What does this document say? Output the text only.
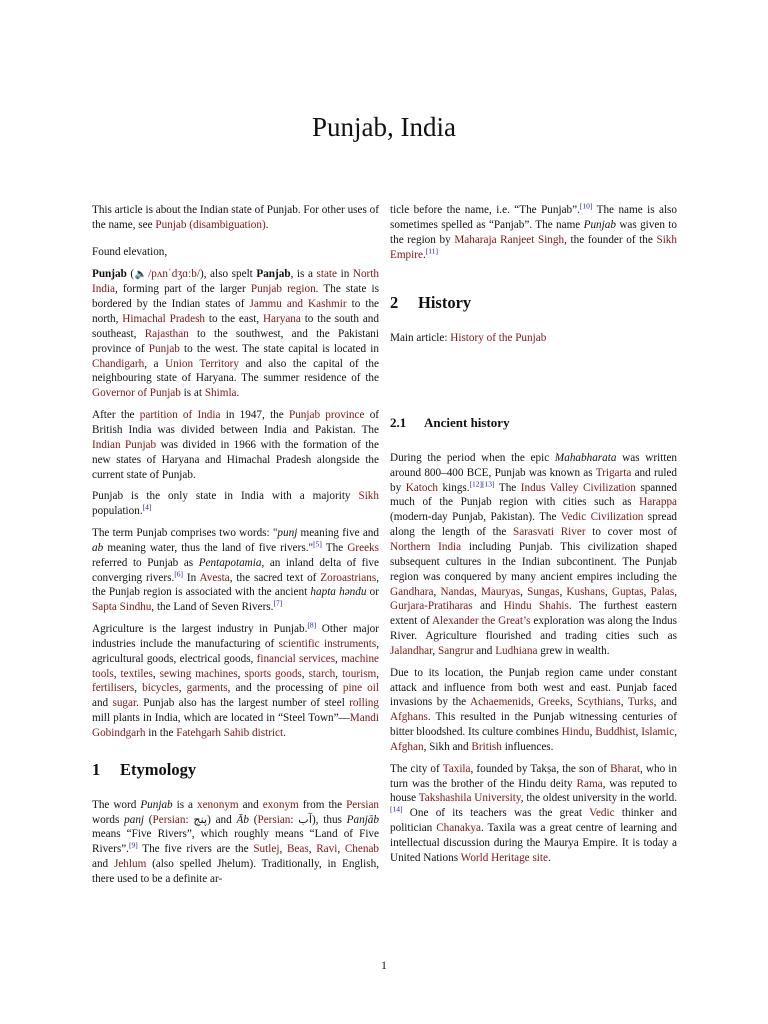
Punjab, India

This article is about the Indian state of Punjab. For other uses of the name, see Punjab (disambiguation).

Found elevation,

Punjab (🔈/pʌnˈdʒɑːb/), also spelt Panjab, is a state in North India, forming part of the larger Punjab region. The state is bordered by the Indian states of Jammu and Kashmir to the north, Himachal Pradesh to the east, Haryana to the south and southeast, Rajasthan to the southwest, and the Pakistani province of Punjab to the west. The state capital is located in Chandigarh, a Union Territory and also the capital of the neighbouring state of Haryana. The summer residence of the Governor of Punjab is at Shimla.

After the partition of India in 1947, the Punjab province of British India was divided between India and Pakistan. The Indian Punjab was divided in 1966 with the formation of the new states of Haryana and Himachal Pradesh alongside the current state of Punjab.

Punjab is the only state in India with a majority Sikh population.[4]

The term Punjab comprises two words: "punj meaning five and ab meaning water, thus the land of five rivers."[5] The Greeks referred to Punjab as Pentapotamia, an inland delta of five converging rivers.[6] In Avesta, the sacred text of Zoroastrians, the Punjab region is associated with the ancient hapta həndu or Sapta Sindhu, the Land of Seven Rivers.[7]

Agriculture is the largest industry in Punjab.[8] Other major industries include the manufacturing of scientific instruments, agricultural goods, electrical goods, financial services, machine tools, textiles, sewing machines, sports goods, starch, tourism, fertilisers, bicycles, garments, and the processing of pine oil and sugar. Punjab also has the largest number of steel rolling mill plants in India, which are located in “Steel Town”—Mandi Gobindgarh in the Fatehgarh Sahib district.

1 Etymology

The word Punjab is a xenonym and exonym from the Persian words panj (Persian: پنج) and Āb (Persian: آب), thus Panjāb means “Five Rivers”, which roughly means “Land of Five Rivers”.[9] The five rivers are the Sutlej, Beas, Ravi, Chenab and Jehlum (also spelled Jhelum). Traditionally, in English, there used to be a definite ar-

ticle before the name, i.e. “The Punjab”.[10] The name is also sometimes spelled as “Panjab”. The name Punjab was given to the region by Maharaja Ranjeet Singh, the founder of the Sikh Empire.[11]

2 History

Main article: History of the Punjab

2.1 Ancient history

During the period when the epic Mahabharata was written around 800–400 BCE, Punjab was known as Trigarta and ruled by Katoch kings.[12][13] The Indus Valley Civilization spanned much of the Punjab region with cities such as Harappa (modern-day Punjab, Pakistan). The Vedic Civilization spread along the length of the Sarasvati River to cover most of Northern India including Punjab. This civilization shaped subsequent cultures in the Indian subcontinent. The Punjab region was conquered by many ancient empires including the Gandhara, Nandas, Mauryas, Sungas, Kushans, Guptas, Palas, Gurjara-Pratiharas and Hindu Shahis. The furthest eastern extent of Alexander the Great’s exploration was along the Indus River. Agriculture flourished and trading cities such as Jalandhar, Sangrur and Ludhiana grew in wealth.

Due to its location, the Punjab region came under constant attack and influence from both west and east. Punjab faced invasions by the Achaemenids, Greeks, Scythians, Turks, and Afghans. This resulted in the Punjab witnessing centuries of bitter bloodshed. Its culture combines Hindu, Buddhist, Islamic, Afghan, Sikh and British influences.

The city of Taxila, founded by Takṣa, the son of Bharat, who in turn was the brother of the Hindu deity Rama, was reputed to house Takshashila University, the oldest university in the world.[14] One of its teachers was the great Vedic thinker and politician Chanakya. Taxila was a great centre of learning and intellectual discussion during the Maurya Empire. It is today a United Nations World Heritage site.

1
